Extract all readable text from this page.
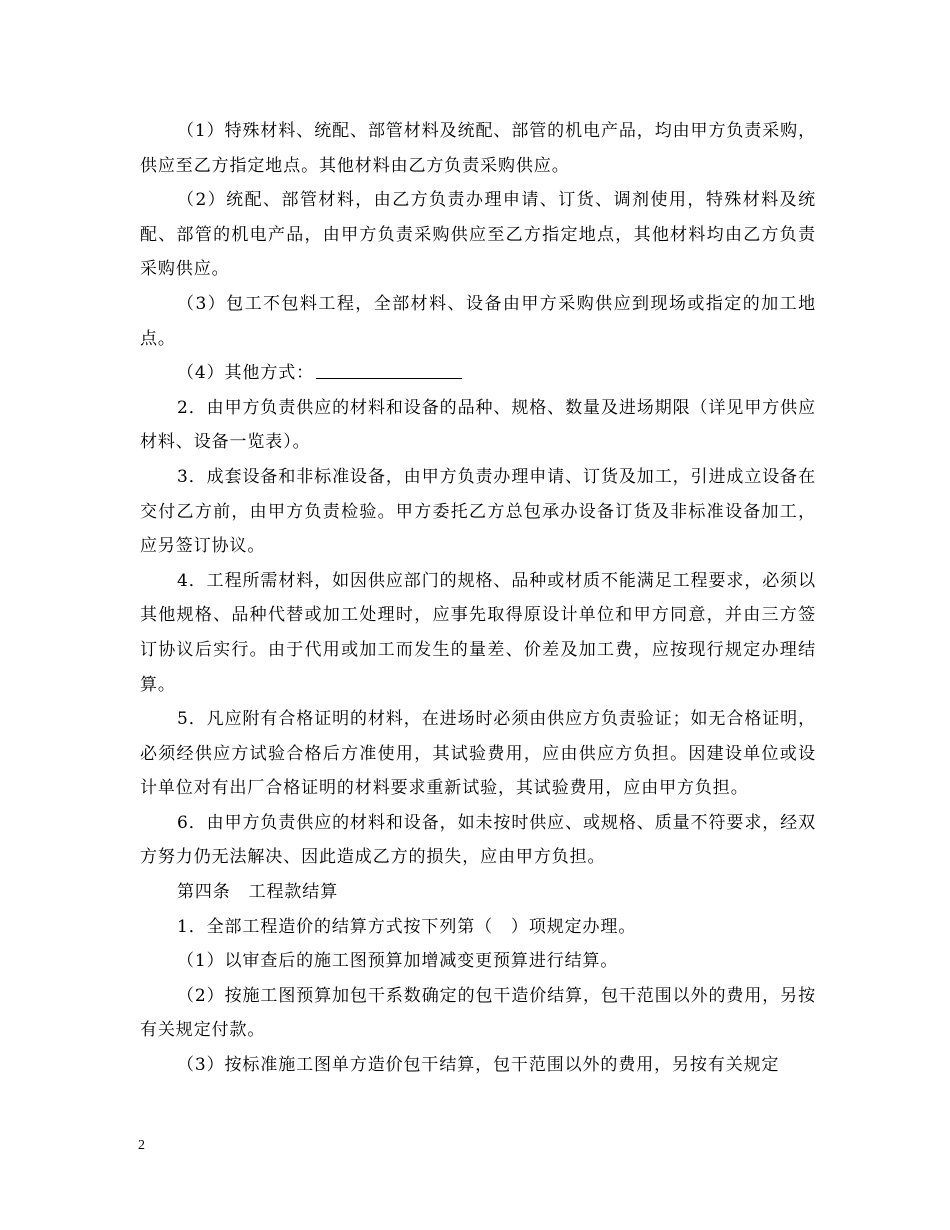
（1）特殊材料、统配、部管材料及统配、部管的机电产品，均由甲方负责采购，供应至乙方指定地点。其他材料由乙方负责采购供应。

（2）统配、部管材料，由乙方负责办理申请、订货、调剂使用，特殊材料及统配、部管的机电产品，由甲方负责采购供应至乙方指定地点，其他材料均由乙方负责采购供应。

（3）包工不包料工程，全部材料、设备由甲方采购供应到现场或指定的加工地点。

（4）其他方式：

2．由甲方负责供应的材料和设备的品种、规格、数量及进场期限（详见甲方供应材料、设备一览表）。

3．成套设备和非标准设备，由甲方负责办理申请、订货及加工，引进成立设备在交付乙方前，由甲方负责检验。甲方委托乙方总包承办设备订货及非标准设备加工，应另签订协议。

4．工程所需材料，如因供应部门的规格、品种或材质不能满足工程要求，必须以其他规格、品种代替或加工处理时，应事先取得原设计单位和甲方同意，并由三方签订协议后实行。由于代用或加工而发生的量差、价差及加工费，应按现行规定办理结算。

5．凡应附有合格证明的材料，在进场时必须由供应方负责验证；如无合格证明，必须经供应方试验合格后方准使用，其试验费用，应由供应方负担。因建设单位或设计单位对有出厂合格证明的材料要求重新试验，其试验费用，应由甲方负担。

6．由甲方负责供应的材料和设备，如未按时供应、或规格、质量不符要求，经双方努力仍无法解决、因此造成乙方的损失，应由甲方负担。

第四条　工程款结算

1．全部工程造价的结算方式按下列第（　）项规定办理。

（1）以审查后的施工图预算加增减变更预算进行结算。

（2）按施工图预算加包干系数确定的包干造价结算，包干范围以外的费用，另按有关规定付款。

（3）按标准施工图单方造价包干结算，包干范围以外的费用，另按有关规定

2
